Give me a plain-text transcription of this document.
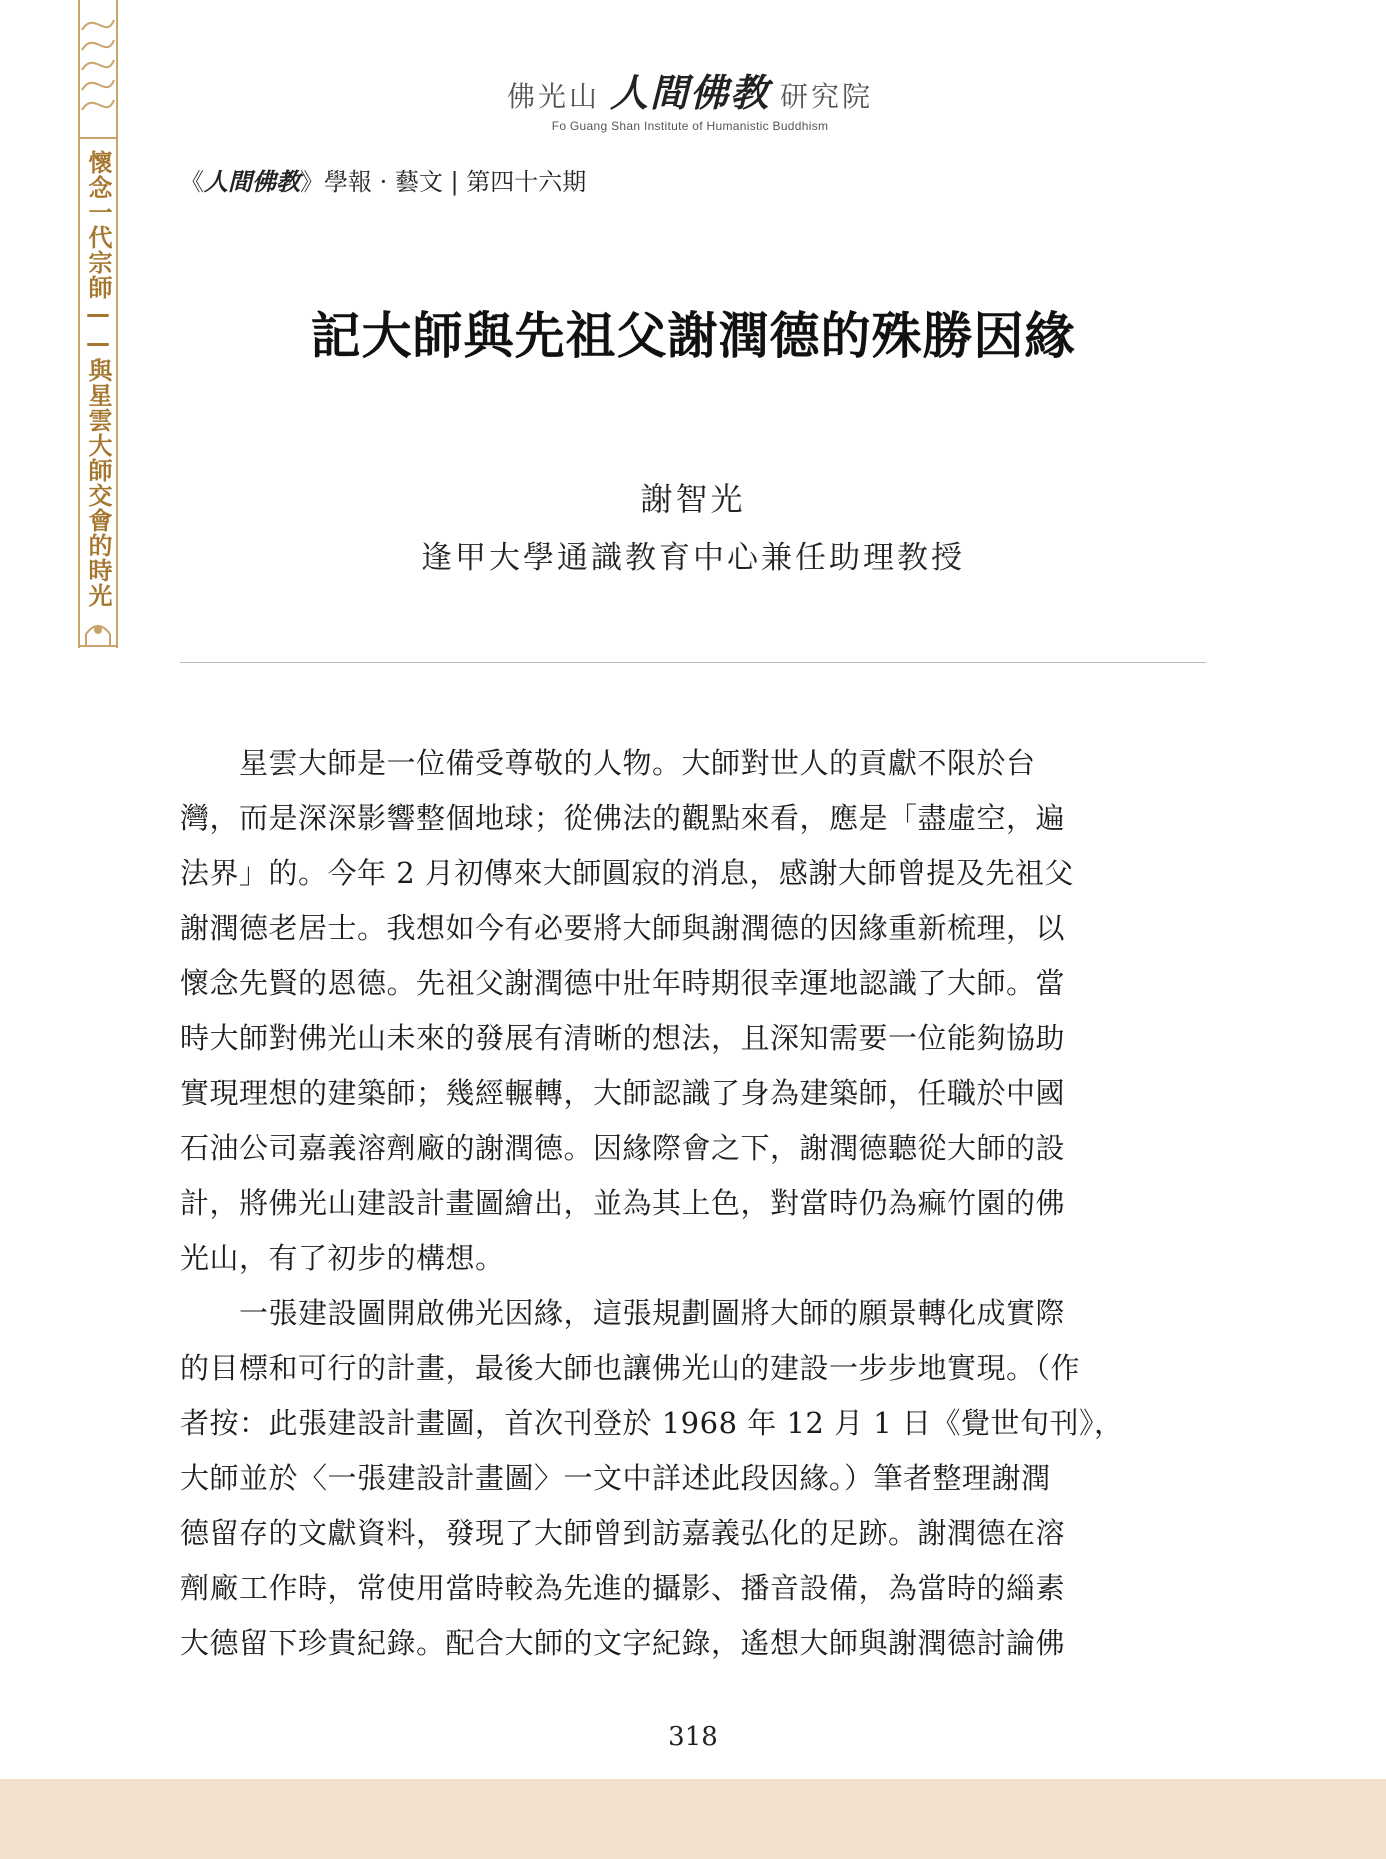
懷念一代宗師——與星雲大師交會的時光
佛光山 人間佛教 研究院
Fo Guang Shan Institute of Humanistic Buddhism
《人間佛教》學報 · 藝文 | 第四十六期
記大師與先祖父謝潤德的殊勝因緣
謝智光
逢甲大學通識教育中心兼任助理教授

　　星雲大師是一位備受尊敬的人物。大師對世人的貢獻不限於台
灣，而是深深影響整個地球；從佛法的觀點來看，應是「盡虛空，遍
法界」的。今年 2 月初傳來大師圓寂的消息，感謝大師曾提及先祖父
謝潤德老居士。我想如今有必要將大師與謝潤德的因緣重新梳理，以
懷念先賢的恩德。先祖父謝潤德中壯年時期很幸運地認識了大師。當
時大師對佛光山未來的發展有清晰的想法，且深知需要一位能夠協助
實現理想的建築師；幾經輾轉，大師認識了身為建築師，任職於中國
石油公司嘉義溶劑廠的謝潤德。因緣際會之下，謝潤德聽從大師的設
計，將佛光山建設計畫圖繪出，並為其上色，對當時仍為痲竹園的佛
光山，有了初步的構想。

　　一張建設圖開啟佛光因緣，這張規劃圖將大師的願景轉化成實際
的目標和可行的計畫，最後大師也讓佛光山的建設一步步地實現。（作
者按：此張建設計畫圖，首次刊登於 1968 年 12 月 1 日《覺世旬刊》，
大師並於〈一張建設計畫圖〉一文中詳述此段因緣。）筆者整理謝潤
德留存的文獻資料，發現了大師曾到訪嘉義弘化的足跡。謝潤德在溶
劑廠工作時，常使用當時較為先進的攝影、播音設備，為當時的緇素
大德留下珍貴紀錄。配合大師的文字紀錄，遙想大師與謝潤德討論佛

318
